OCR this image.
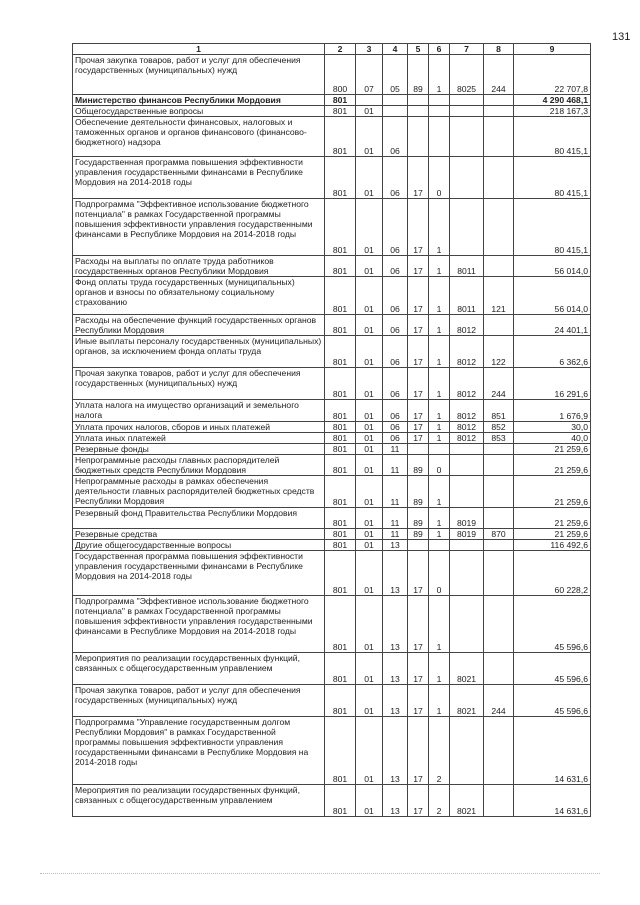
131
1	2	3	4	5	6	7	8	9
Прочая закупка товаров, работ и услуг для обеспечения государственных (муниципальных) нужд	800	07	05	89	1	8025	244	22 707,8
Министерство финансов Республики Мордовия	801							4 290 468,1
Общегосударственные вопросы	801	01						218 167,3
Обеспечение деятельности финансовых, налоговых и таможенных органов и органов финансового (финансово-бюджетного) надзора	801	01	06					80 415,1
Государственная программа повышения эффективности управления государственными финансами в Республике Мордовия на 2014-2018 годы	801	01	06	17	0			80 415,1
Подпрограмма "Эффективное использование бюджетного потенциала" в рамках Государственной программы повышения эффективности управления государственными финансами в Республике Мордовия на 2014-2018 годы	801	01	06	17	1			80 415,1
Расходы на выплаты по оплате труда работников государственных органов Республики Мордовия	801	01	06	17	1	8011		56 014,0
Фонд оплаты труда государственных (муниципальных) органов и взносы по обязательному социальному страхованию	801	01	06	17	1	8011	121	56 014,0
Расходы на обеспечение функций государственных органов Республики Мордовия	801	01	06	17	1	8012		24 401,1
Иные выплаты персоналу государственных (муниципальных) органов, за исключением фонда оплаты труда	801	01	06	17	1	8012	122	6 362,6
Прочая закупка товаров, работ и услуг для обеспечения государственных (муниципальных) нужд	801	01	06	17	1	8012	244	16 291,6
Уплата налога на имущество организаций и земельного налога	801	01	06	17	1	8012	851	1 676,9
Уплата прочих налогов, сборов и иных платежей	801	01	06	17	1	8012	852	30,0
Уплата иных платежей	801	01	06	17	1	8012	853	40,0
Резервные фонды	801	01	11					21 259,6
Непрограммные расходы главных распорядителей бюджетных средств Республики Мордовия	801	01	11	89	0			21 259,6
Непрограммные расходы в рамках обеспечения деятельности главных распорядителей бюджетных средств Республики Мордовия	801	01	11	89	1			21 259,6
Резервный фонд Правительства Республики Мордовия	801	01	11	89	1	8019		21 259,6
Резервные средства	801	01	11	89	1	8019	870	21 259,6
Другие общегосударственные вопросы	801	01	13					116 492,6
Государственная программа повышения эффективности управления государственными финансами в Республике Мордовия на 2014-2018 годы	801	01	13	17	0			60 228,2
Подпрограмма "Эффективное использование бюджетного потенциала" в рамках Государственной программы повышения эффективности управления государственными финансами в Республике Мордовия на 2014-2018 годы	801	01	13	17	1			45 596,6
Мероприятия по реализации государственных функций, связанных с общегосударственным управлением	801	01	13	17	1	8021		45 596,6
Прочая закупка товаров, работ и услуг для обеспечения государственных (муниципальных) нужд	801	01	13	17	1	8021	244	45 596,6
Подпрограмма "Управление государственным долгом Республики Мордовия" в рамках Государственной программы повышения эффективности управления государственными финансами в Республике Мордовия на 2014-2018 годы	801	01	13	17	2			14 631,6
Мероприятия по реализации государственных функций, связанных с общегосударственным управлением	801	01	13	17	2	8021		14 631,6
